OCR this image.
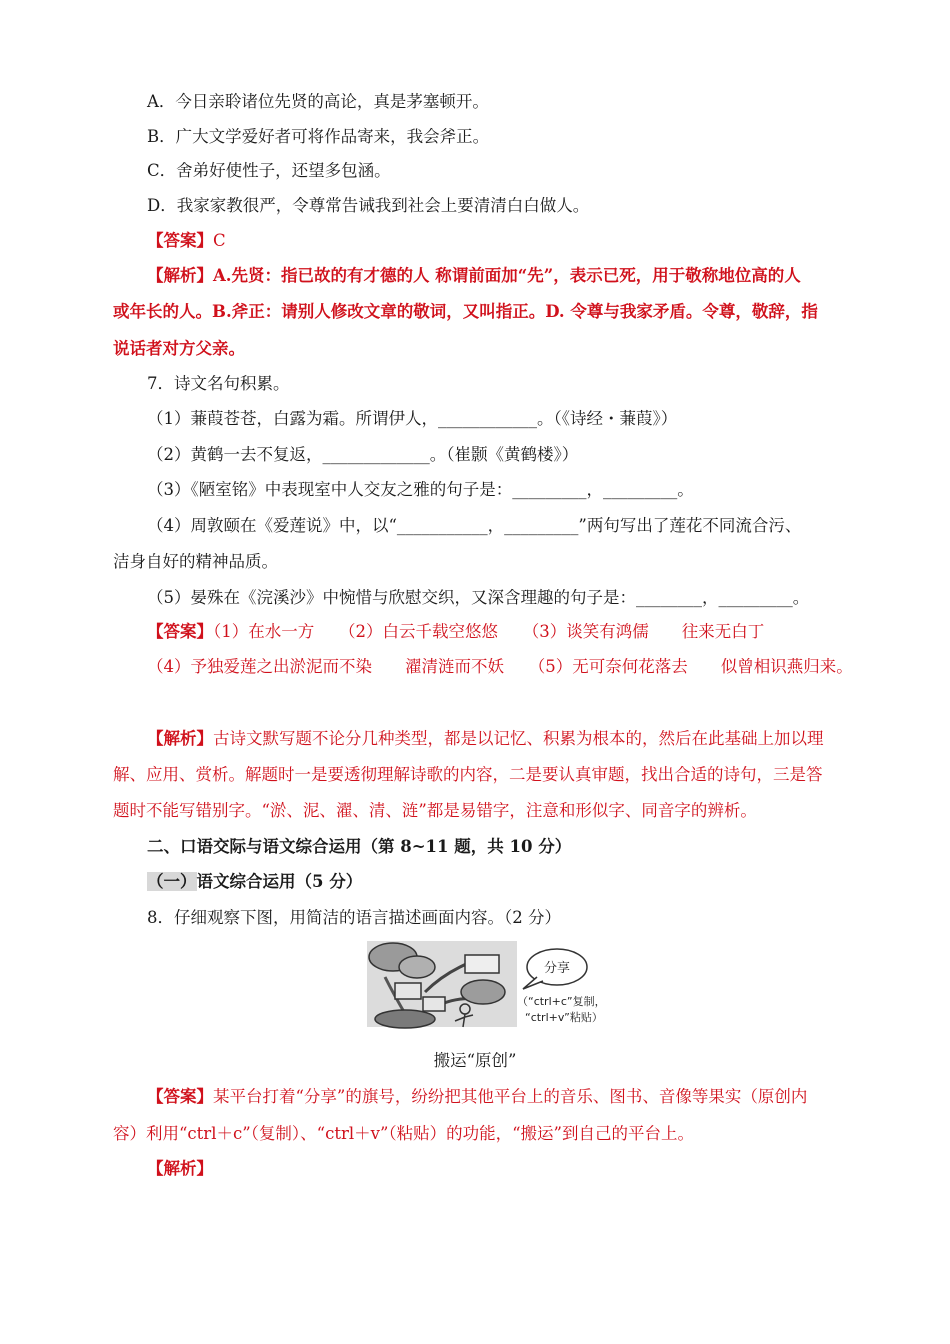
A．今日亲聆诸位先贤的高论，真是茅塞顿开。
B．广大文学爱好者可将作品寄来，我会斧正。
C．舍弟好使性子，还望多包涵。
D．我家家教很严，令尊常告诫我到社会上要清清白白做人。
【答案】C
【解析】A.先贤：指已故的有才德的人 称谓前面加“先”，表示已死，用于敬称地位高的人
或年长的人。B.斧正：请别人修改文章的敬词，又叫指正。D. 令尊与我家矛盾。令尊，敬辞，指
说话者对方父亲。
7．诗文名句积累。
（1）蒹葭苍苍，白露为霜。所谓伊人，____________。（《诗经・蒹葭》）
（2）黄鹤一去不复返，_____________。（崔颢《黄鹤楼》）
（3）《陋室铭》中表现室中人交友之雅的句子是：_________，_________。
（4）周敦颐在《爱莲说》中，以“___________，_________”两句写出了莲花不同流合污、
洁身自好的精神品质。
（5）晏殊在《浣溪沙》中惋惜与欣慰交织，又深含理趣的句子是：________，_________。
【答案】（1）在水一方　　（2）白云千载空悠悠　　（3）谈笑有鸿儒　　往来无白丁
（4）予独爱莲之出淤泥而不染　　濯清涟而不妖　　（5）无可奈何花落去　　似曾相识燕归来。
【解析】古诗文默写题不论分几种类型，都是以记忆、积累为根本的，然后在此基础上加以理
解、应用、赏析。解题时一是要透彻理解诗歌的内容，二是要认真审题，找出合适的诗句，三是答
题时不能写错别字。“淤、泥、濯、清、涟”都是易错字，注意和形似字、同音字的辨析。
二、口语交际与语文综合运用（第 8~11 题，共 10 分）
（一）语文综合运用（5 分）
8．仔细观察下图，用简洁的语言描述画面内容。（2 分）
分享
（“ctrl+c”复制，
“ctrl+v”粘贴）
搬运“原创”
【答案】某平台打着“分享”的旗号，纷纷把其他平台上的音乐、图书、音像等果实（原创内
容）利用“ctrl＋c”（复制）、“ctrl＋v”（粘贴）的功能，“搬运”到自己的平台上。
【解析】
